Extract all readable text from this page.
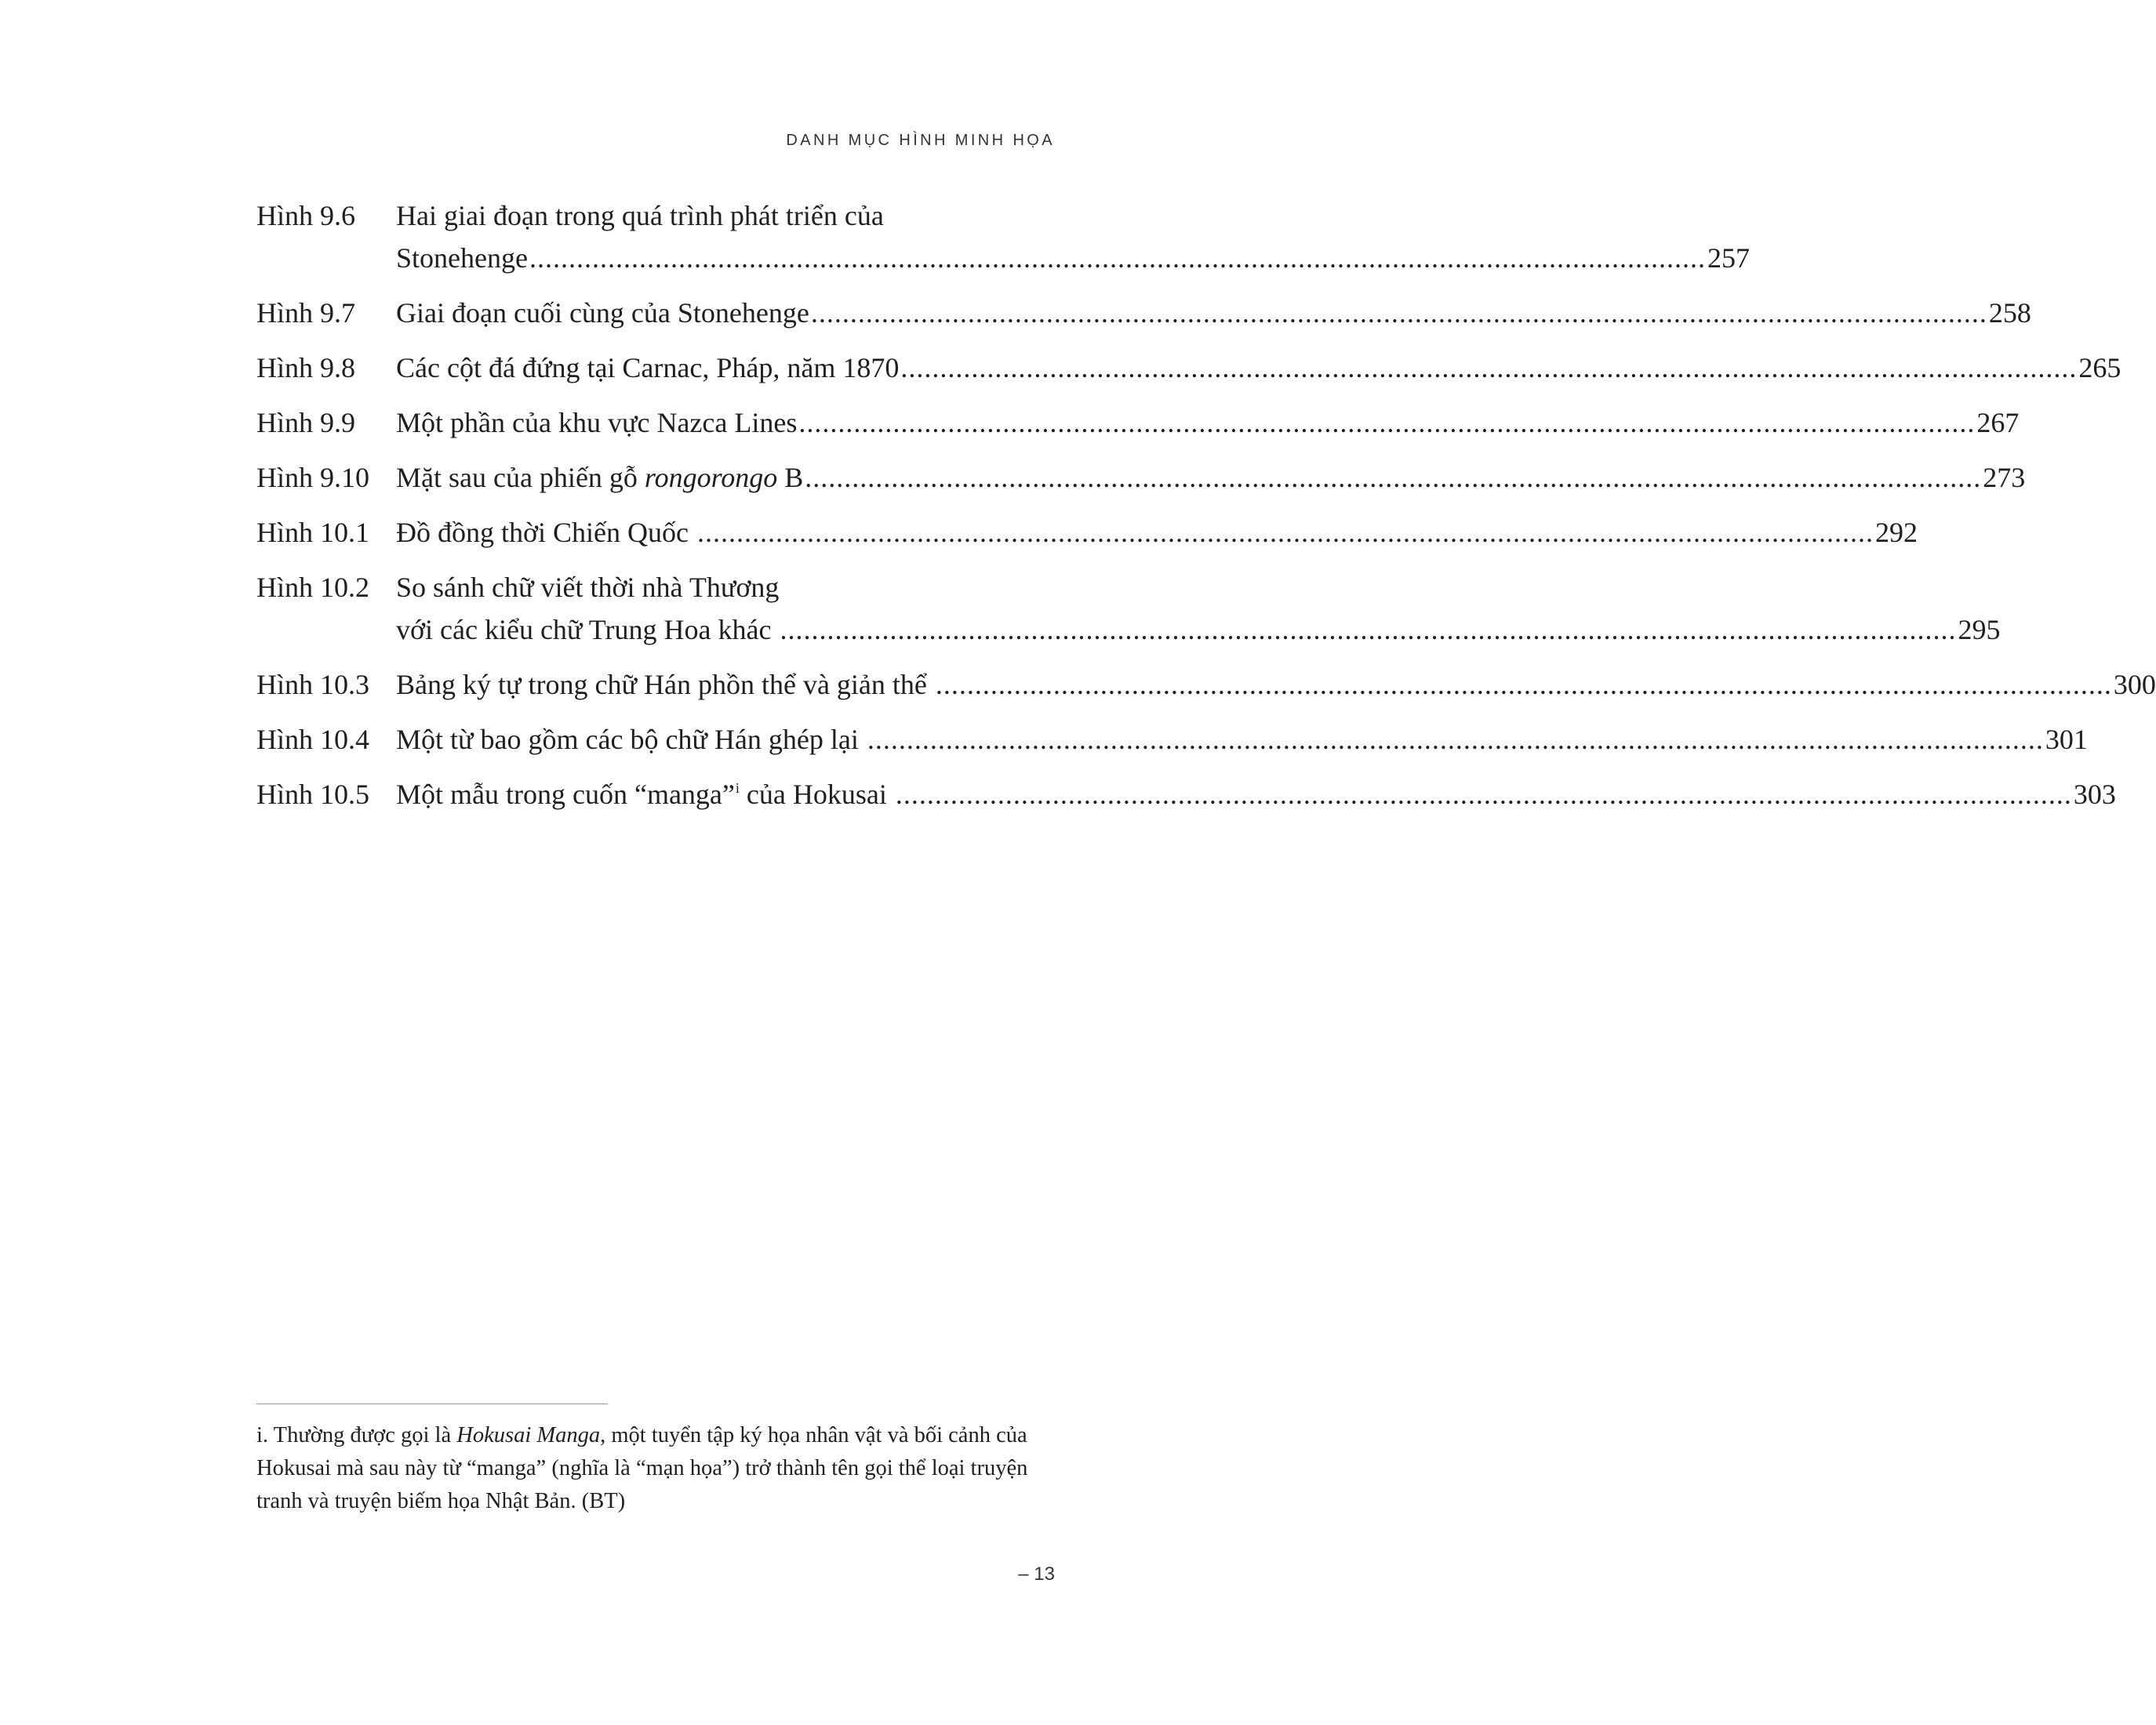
DANH MỤC HÌNH MINH HỌA
Hình 9.6	Hai giai đoạn trong quá trình phát triển của
Stonehenge .....	257
Hình 9.7	Giai đoạn cuối cùng của Stonehenge .....	258
Hình 9.8	Các cột đá đứng tại Carnac, Pháp, năm 1870 .....	265
Hình 9.9	Một phần của khu vực Nazca Lines .....	267
Hình 9.10 Mặt sau của phiến gỗ rongorongo B .....	273
Hình 10.1 Đồ đồng thời Chiến Quốc .....	292
Hình 10.2 So sánh chữ viết thời nhà Thương
với các kiểu chữ Trung Hoa khác .....	295
Hình 10.3 Bảng ký tự trong chữ Hán phồn thể và giản thể .....	300
Hình 10.4 Một từ bao gồm các bộ chữ Hán ghép lại .....	301
Hình 10.5 Một mẫu trong cuốn “manga”$^i$ của Hokusai .....	303
i. Thường được gọi là Hokusai Manga, một tuyển tập ký họa nhân vật và bối cảnh của Hokusai mà sau này từ “manga” (nghĩa là “mạn họa”) trở thành tên gọi thể loại truyện tranh và truyện biếm họa Nhật Bản. (BT)
– 13
